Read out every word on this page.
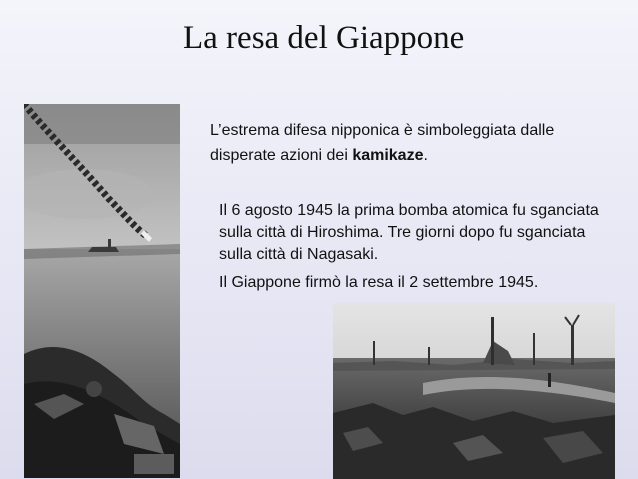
La resa del Giappone
L’estrema difesa nipponica è simboleggiata dalle disperate azioni dei kamikaze.
Il 6 agosto 1945 la prima bomba atomica fu sganciata sulla città di Hiroshima. Tre giorni dopo fu sganciata sulla città di Nagasaki.
Il Giappone firmò la resa il 2 settembre 1945.
